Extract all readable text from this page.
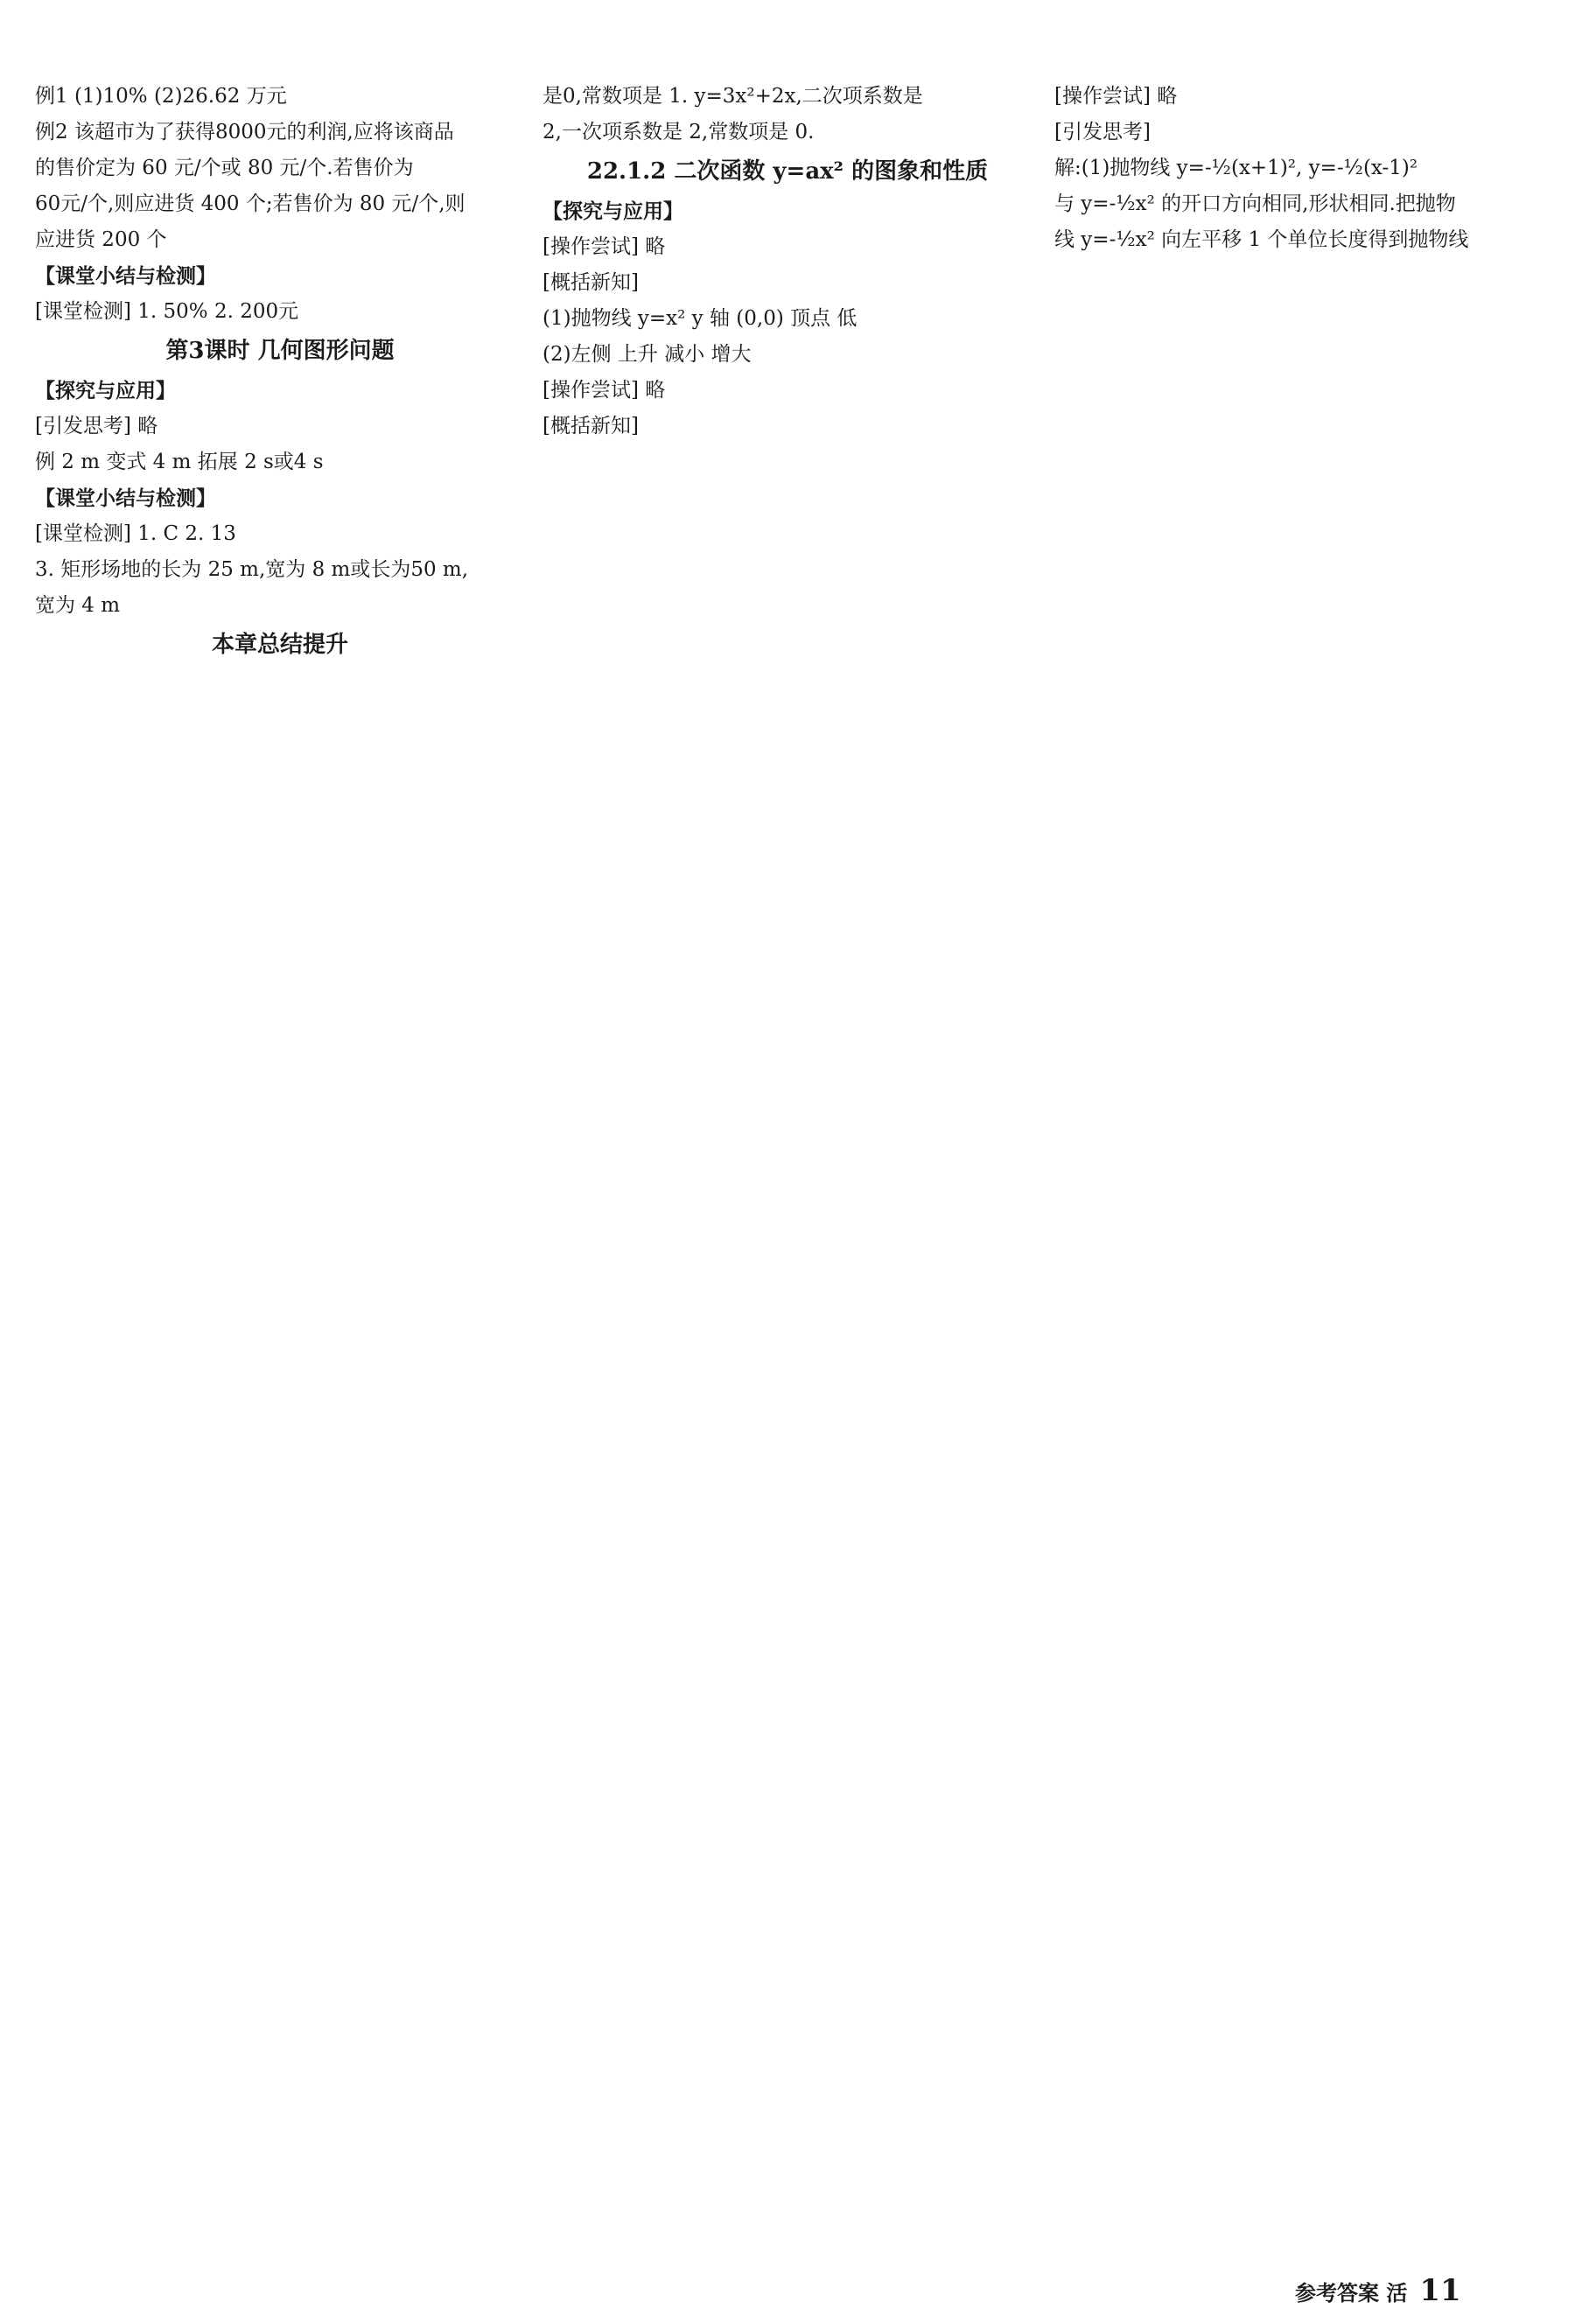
例1 (1)10% (2)26.62 万元
例2 该超市为了获得8000元的利润,应将该商品
的售价定为 60 元/个或 80 元/个.若售价为
60元/个,则应进货 400 个;若售价为 80 元/个,则
应进货 200 个
【课堂小结与检测】
[课堂检测] 1. 50% 2. 200元
第3课时 几何图形问题
【探究与应用】
[引发思考] 略
例 2 m 变式 4 m 拓展 2 s或4 s
【课堂小结与检测】
[课堂检测] 1. C 2. 13
3. 矩形场地的长为 25 m,宽为 8 m或长为50 m,
宽为 4 m
本章总结提升
是0,常数项是 1. y=3x²+2x,二次项系数是
2,一次项系数是 2,常数项是 0.
22.1.2 二次函数 y=ax² 的图象和性质
【探究与应用】
[操作尝试] 略
[概括新知]
(1)抛物线 y=x² y 轴 (0,0) 顶点 低
(2)左侧 上升 减小 增大
[操作尝试] 略
[概括新知]
[操作尝试] 略
[引发思考]
解:(1)抛物线 y=-½(x+1)², y=-½(x-1)²
与 y=-½x² 的开口方向相同,形状相同.把抛物
线 y=-½x² 向左平移 1 个单位长度得到抛物线
参考答案 活 11
